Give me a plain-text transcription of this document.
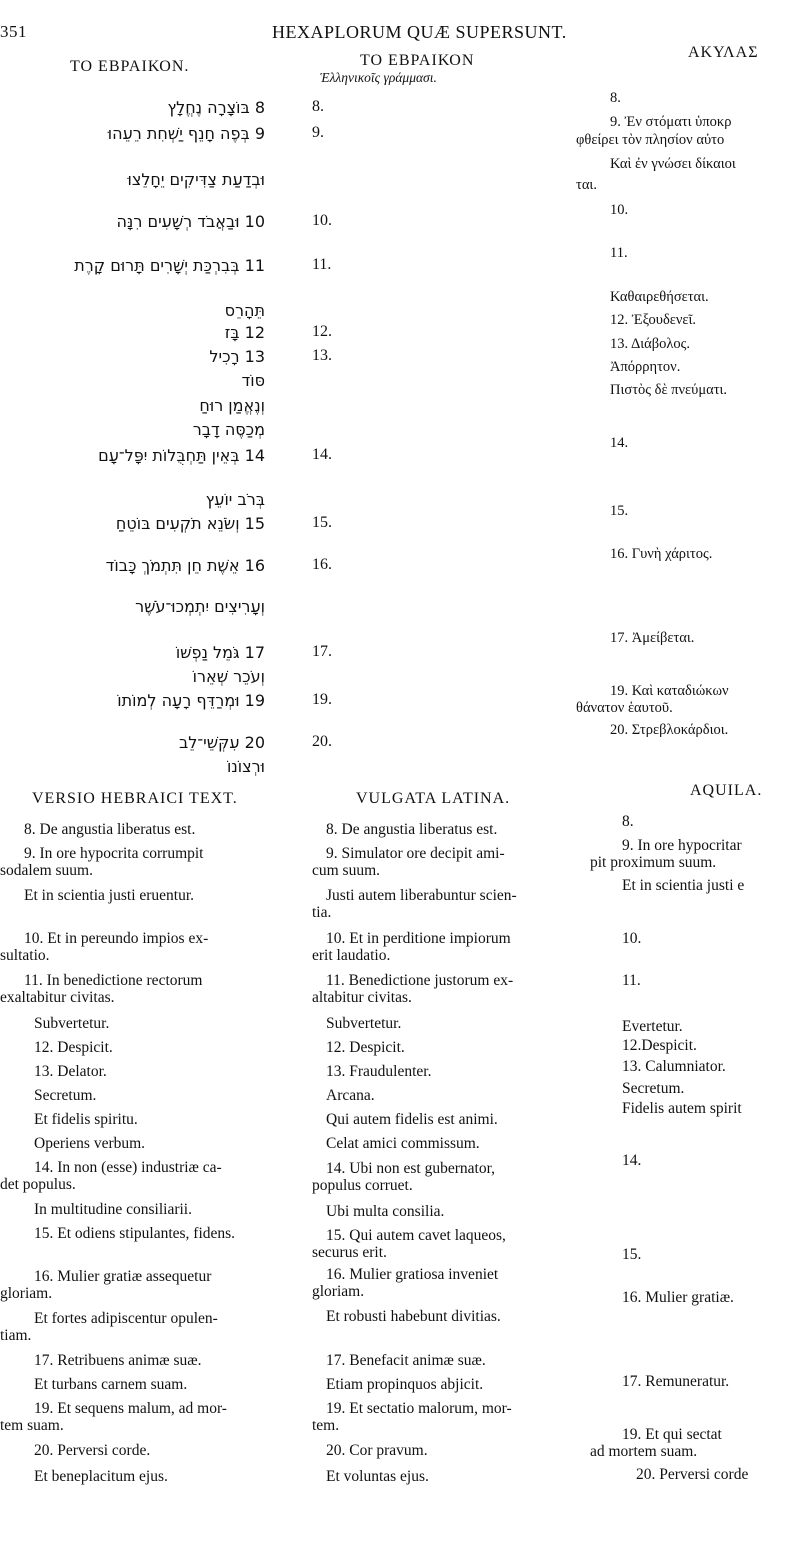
351	HEXAPLORUM QUÆ SUPERSUNT.
ΤΟ ΕΒΡΑΙΚΟΝ.
8 בּוֹצָרָה נֶחֱלָץ
9 בְּפֶה חָנֵף יַשְׁחִת רֵעֵהוּ
וּבְדַעַת צַדִּיקִים יֵחָלֵצוּ
10 וּבַאֲבֹד רְשָׁעִים רִנָּה
11 בְּבִרְכַּת יְשָׁרִים תָּרוּם קָרֶת
תֵּהָרֵס
12 בָּז
13 רָכִיל
סּוֹד
וְנֶאֱמַן רוּחַ
מְכַסֶּה דָבָר
14 בְּאֵין תַּחְבֻּלוֹת יִפָּל־עָם
בְּרֹב יוֹעֵץ
15 וְשֹׂנֵא תֹקְעִים בּוֹטֵחַ
16 אֵשֶׁת חֵן תִּתְמֹךְ כָּבוֹד
וְעָרִיצִים יִתְמְכוּ־עֹשֶׁר
17 גֹּמֵל נַפְשׁוֹ
וְעֹכֵר שְׁאֵרוֹ
19 וּמְרַדֵּף רָעָה לְמוֹתוֹ
20 עִקְּשֵׁי־לֵב
וּרְצוֹנוֹ
ΤΟ ΕΒΡΑΙΚΟΝ
Ἑλληνικοῖς γράμμασι.
8.
9.
10.
11.
12.
13.
14.
15.
16.
17.
19.
20.
ΑΚΥΛΑΣ
8.
9. Ἐν στόματι ὑποκρ
φθείρει τὸν πλησίον αὐτο
Καὶ ἐν γνώσει δίκαιοι
ται.
10.
11.
Καθαιρεθήσεται.
12. Ἐξουδενεῖ.
13. Διάβολος.
Ἀπόρρητον.
Πιστὸς δὲ πνεύματι.
14.
15.
16. Γυνὴ χάριτος.
17. Ἀμείβεται.
19. Καὶ καταδιώκων
θάνατον ἑαυτοῦ.
20. Στρεβλοκάρδιοι.
VERSIO HEBRAICI TEXT.
8. De angustia liberatus est.
9. In ore hypocrita corrumpit
sodalem suum.
Et in scientia justi eruentur.
10. Et in pereundo impios ex-
sultatio.
11. In benedictione rectorum
exaltabitur civitas.
Subvertetur.
12. Despicit.
13. Delator.
Secretum.
Et fidelis spiritu.
Operiens verbum.
14. In non (esse) industriæ ca-
det populus.
In multitudine consiliarii.
15. Et odiens stipulantes, fidens.
16. Mulier gratiæ assequetur
gloriam.
Et fortes adipiscentur opulen-
tiam.
17. Retribuens animæ suæ.
Et turbans carnem suam.
19. Et sequens malum, ad mor-
tem suam.
20. Perversi corde.
Et beneplacitum ejus.
VULGATA LATINA.
8. De angustia liberatus est.
9. Simulator ore decipit ami-
cum suum.
Justi autem liberabuntur scien-
tia.
10. Et in perditione impiorum
erit laudatio.
11. Benedictione justorum ex-
altabitur civitas.
Subvertetur.
12. Despicit.
13. Fraudulenter.
Arcana.
Qui autem fidelis est animi.
Celat amici commissum.
14. Ubi non est gubernator,
populus corruet.
Ubi multa consilia.
15. Qui autem cavet laqueos,
securus erit.
16. Mulier gratiosa inveniet
gloriam.
Et robusti habebunt divitias.
17. Benefacit animæ suæ.
Etiam propinquos abjicit.
19. Et sectatio malorum, mor-
tem.
20. Cor pravum.
Et voluntas ejus.
AQUILA.
8.
9. In ore hypocritar
pit proximum suum.
Et in scientia justi e
10.
11.
Evertetur.
12.Despicit.
13. Calumniator.
Secretum.
Fidelis autem spirit
14.
15.
16. Mulier gratiæ.
17. Remuneratur.
19. Et qui sectat
ad mortem suam.
20. Perversi corde
